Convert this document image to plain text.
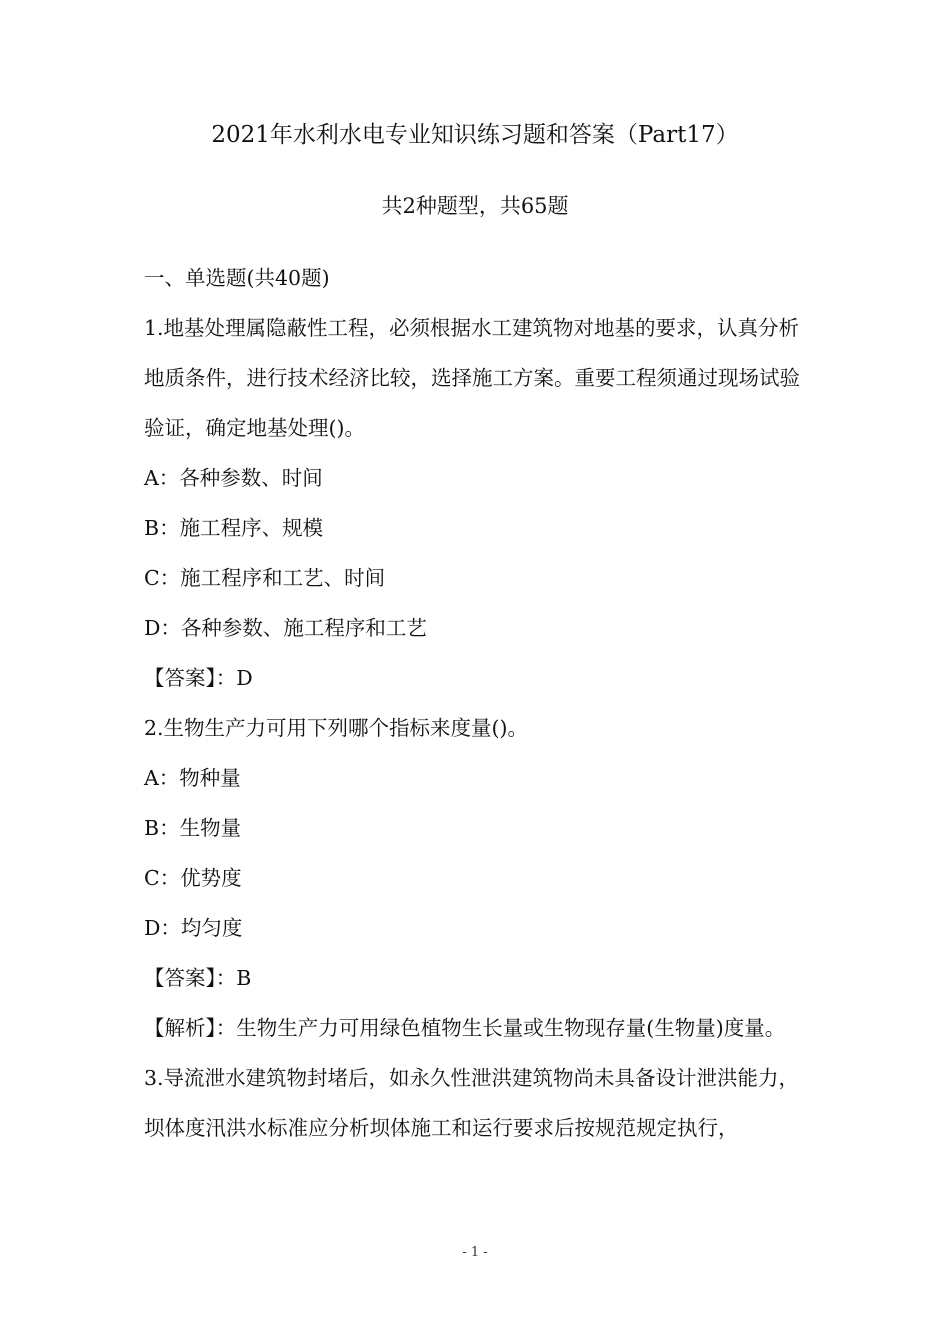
2021年水利水电专业知识练习题和答案（Part17）
共2种题型，共65题
一、单选题(共40题)
1.地基处理属隐蔽性工程，必须根据水工建筑物对地基的要求，认真分析地质条件，进行技术经济比较，选择施工方案。重要工程须通过现场试验验证，确定地基处理()。
A：各种参数、时间
B：施工程序、规模
C：施工程序和工艺、时间
D：各种参数、施工程序和工艺
【答案】：D
2.生物生产力可用下列哪个指标来度量()。
A：物种量
B：生物量
C：优势度
D：均匀度
【答案】：B
【解析】：生物生产力可用绿色植物生长量或生物现存量(生物量)度量。
3.导流泄水建筑物封堵后，如永久性泄洪建筑物尚未具备设计泄洪能力，坝体度汛洪水标准应分析坝体施工和运行要求后按规范规定执行，
- 1 -
